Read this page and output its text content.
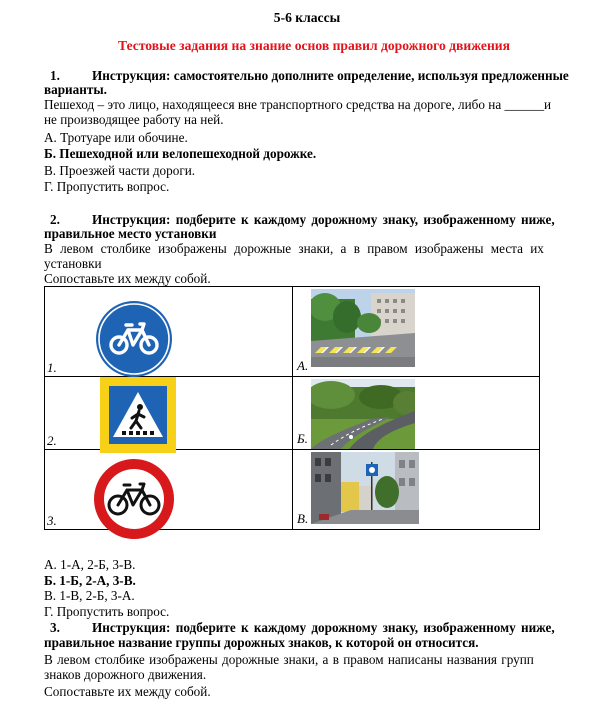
5-6 классы
Тестовые задания на знание основ правил дорожного движения
1. Инструкция: самостоятельно дополните определение, используя предложенные
варианты.
Пешеход – это лицо, находящееся вне транспортного средства на дороге, либо на ______и
не производящее работу на ней.
А. Тротуаре или обочине.
Б. Пешеходной или велопешеходной дорожке.
В. Проезжей части дороги.
Г. Пропустить вопрос.
2. Инструкция: подберите к каждому дорожному знаку, изображенному ниже,
правильное место установки
В левом столбике изображены дорожные знаки, а в правом изображены места их
установки
Сопоставьте их между собой.
1.	А.

2.	Б.

3.	В.
А. 1-А, 2-Б, 3-В.
Б. 1-Б, 2-А, 3-В.
В. 1-В, 2-Б, 3-А.
Г. Пропустить вопрос.
3. Инструкция: подберите к каждому дорожному знаку, изображенному ниже,
правильное название группы дорожных знаков, к которой он относится.
В левом столбике изображены дорожные знаки, а в правом написаны названия групп
знаков дорожного движения.
Сопоставьте их между собой.
